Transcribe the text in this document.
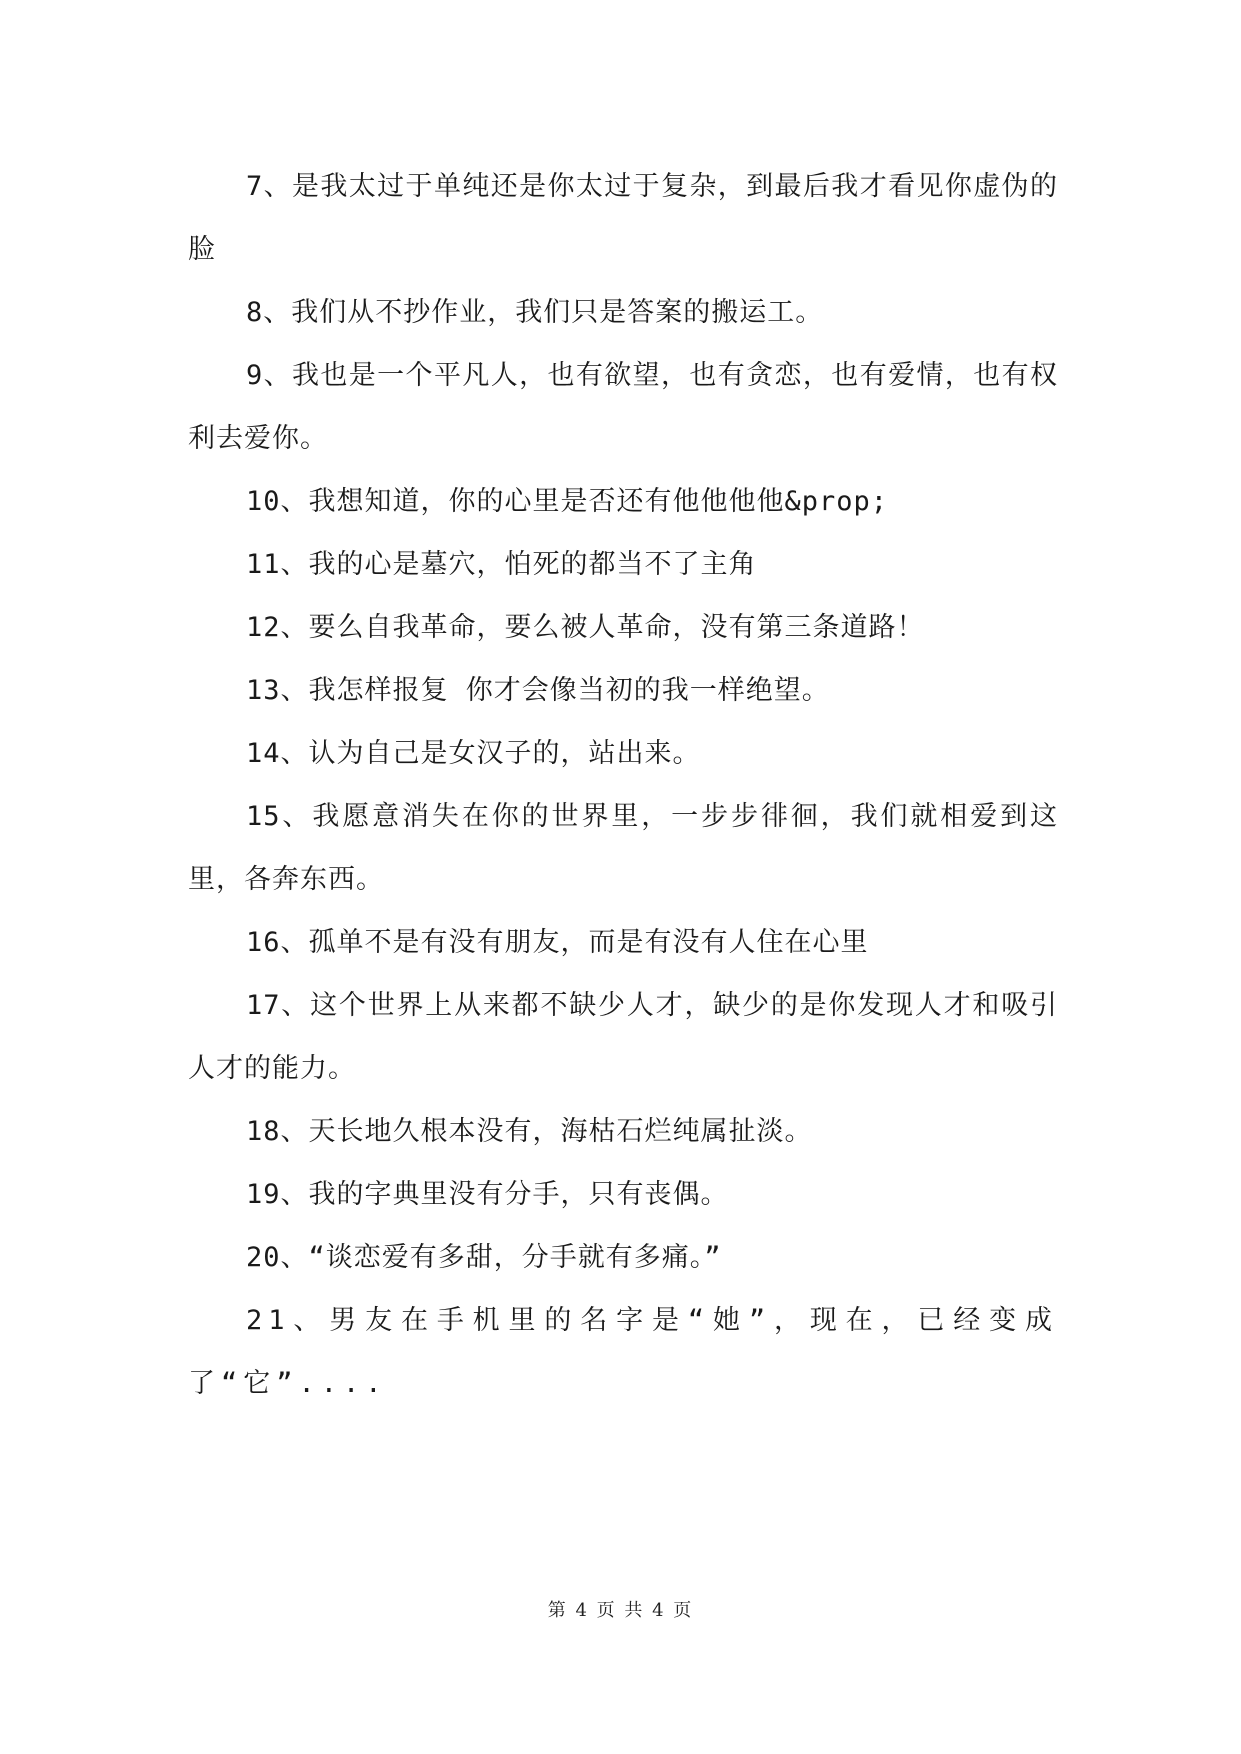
7、是我太过于单纯还是你太过于复杂，到最后我才看见你虚伪的脸

8、我们从不抄作业，我们只是答案的搬运工。

9、我也是一个平凡人，也有欲望，也有贪恋，也有爱情，也有权利去爱你。

10、我想知道，你的心里是否还有他他他他&prop;

11、我的心是墓穴，怕死的都当不了主角

12、要么自我革命，要么被人革命，没有第三条道路！

13、我怎样报复 你才会像当初的我一样绝望。

14、认为自己是女汉子的，站出来。

15、我愿意消失在你的世界里，一步步徘徊，我们就相爱到这里，各奔东西。

16、孤单不是有没有朋友，而是有没有人住在心里

17、这个世界上从来都不缺少人才，缺少的是你发现人才和吸引人才的能力。

18、天长地久根本没有，海枯石烂纯属扯淡。

19、我的字典里没有分手，只有丧偶。

20、“谈恋爱有多甜，分手就有多痛。”

21、男友在手机里的名字是“她”，现在，已经变成了“它”....

第 4 页 共 4 页
